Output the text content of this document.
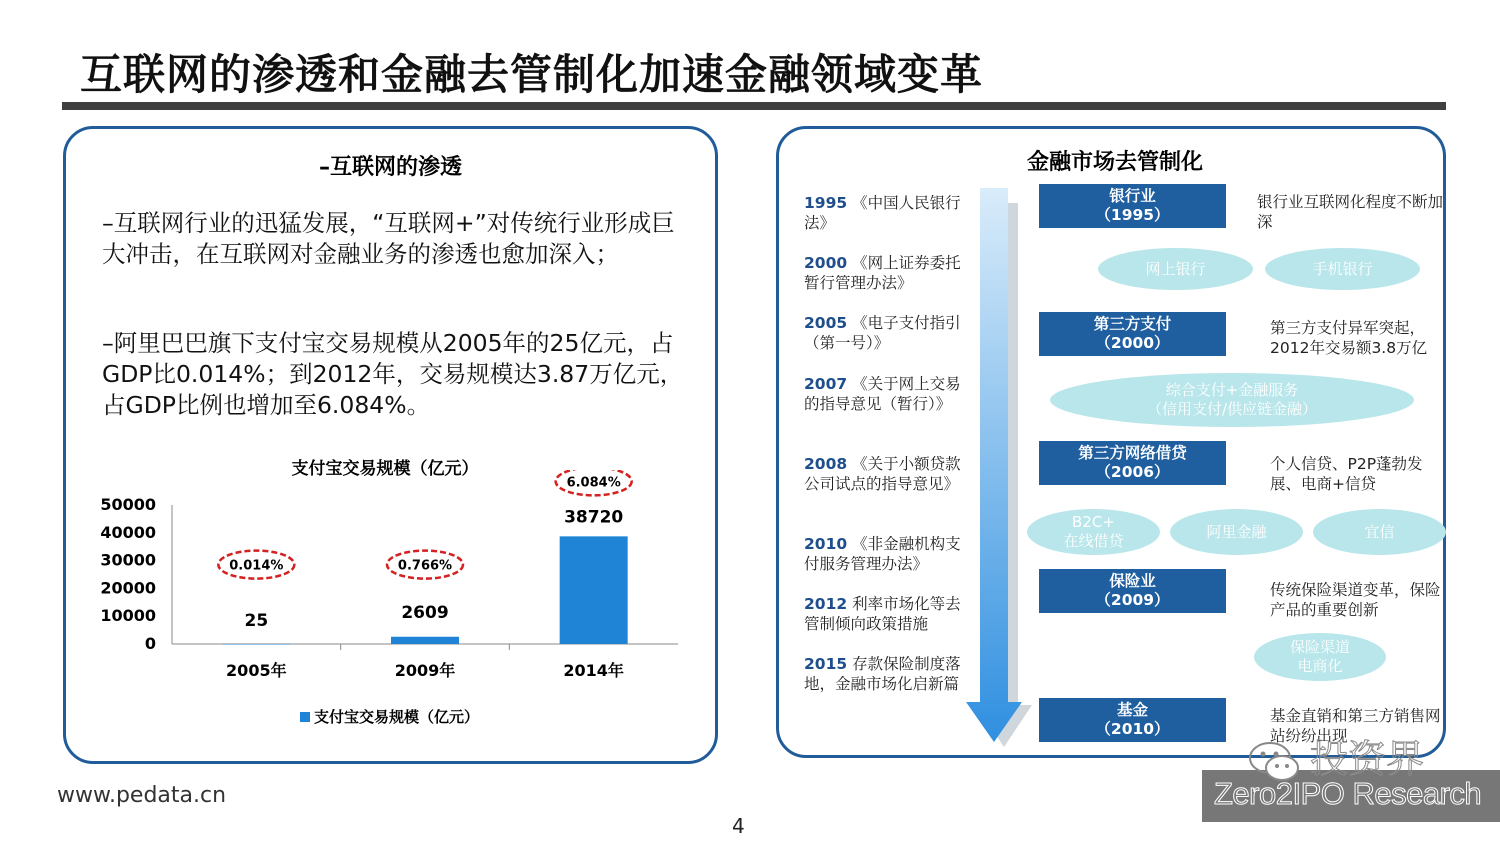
互联网的渗透和金融去管制化加速金融领域变革
–互联网的渗透
–互联网行业的迅猛发展，“互联网+”对传统行业形成巨大冲击，在互联网对金融业务的渗透也愈加深入；
–阿里巴巴旗下支付宝交易规模从2005年的25亿元，占GDP比0.014%；到2012年，交易规模达3.87万亿元，占GDP比例也增加至6.084%。
支付宝交易规模（亿元）
50000
40000
30000
20000
10000
0
2005年	2009年	2014年
25	2609
38720
0.014%	0.766%
6.084%
支付宝交易规模（亿元）
金融市场去管制化
1995 《中国人民银行法》
2000 《网上证券委托暂行管理办法》
2005 《电子支付指引（第一号）》
2007 《关于网上交易的指导意见（暂行）》
2008 《关于小额贷款公司试点的指导意见》
2010 《非金融机构支付服务管理办法》
2012 利率市场化等去管制倾向政策措施
2015 存款保险制度落地，金融市场化启新篇
银行业
（1995）
第三方支付
（2000）
第三方网络借贷
（2006）
保险业
（2009）
基金
（2010）
银行业互联网化程度不断加深
第三方支付异军突起，2012年交易额3.8万亿
个人信贷、P2P蓬勃发展、电商+信贷
传统保险渠道变革，保险产品的重要创新
基金直销和第三方销售网站纷纷出现
网上银行	手机银行
综合支付+金融服务
（信用支付/供应链金融）
B2C+
在线借贷
阿里金融	宜信
保险渠道
电商化
www.pedata.cn
4
投资界
Zero2IPO Research
